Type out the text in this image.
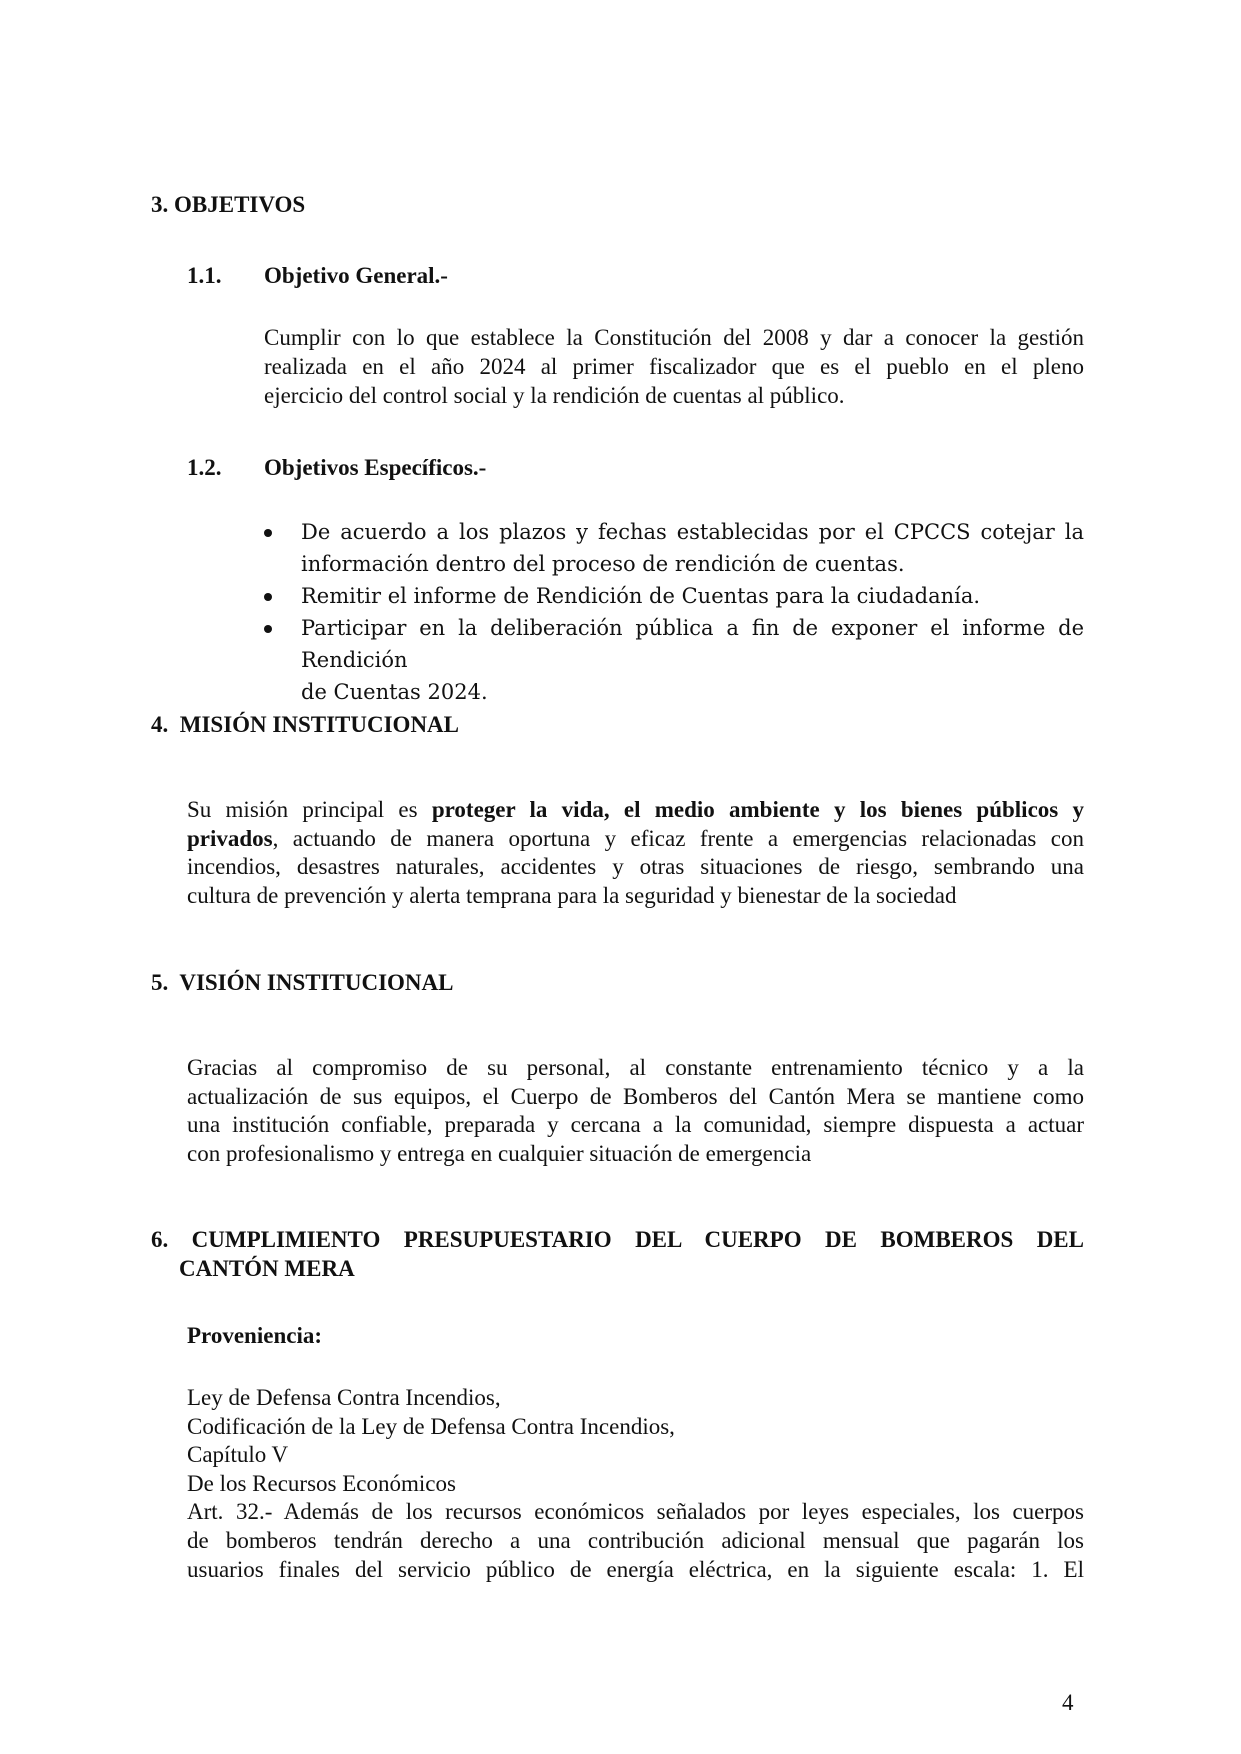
3. OBJETIVOS
1.1. Objetivo General.-
Cumplir con lo que establece la Constitución del 2008 y dar a conocer la gestión
realizada en el año 2024 al primer fiscalizador que es el pueblo en el pleno
ejercicio del control social y la rendición de cuentas al público.
1.2. Objetivos Específicos.-
De acuerdo a los plazos y fechas establecidas por el CPCCS cotejar la
información dentro del proceso de rendición de cuentas.
Remitir el informe de Rendición de Cuentas para la ciudadanía.
Participar en la deliberación pública a fin de exponer el informe de Rendición
de Cuentas 2024.
4.  MISIÓN INSTITUCIONAL
Su misión principal es proteger la vida, el medio ambiente y los bienes públicos y
privados, actuando de manera oportuna y eficaz frente a emergencias relacionadas con
incendios, desastres naturales, accidentes y otras situaciones de riesgo, sembrando una
cultura de prevención y alerta temprana para la seguridad y bienestar de la sociedad
5.  VISIÓN INSTITUCIONAL
Gracias al compromiso de su personal, al constante entrenamiento técnico y a la
actualización de sus equipos, el Cuerpo de Bomberos del Cantón Mera se mantiene como
una institución confiable, preparada y cercana a la comunidad, siempre dispuesta a actuar
con profesionalismo y entrega en cualquier situación de emergencia
6.  CUMPLIMIENTO  PRESUPUESTARIO  DEL  CUERPO  DE  BOMBEROS  DEL
CANTÓN MERA
Proveniencia:
Ley de Defensa Contra Incendios,
Codificación de la Ley de Defensa Contra Incendios,
Capítulo V
De los Recursos Económicos
Art. 32.- Además de los recursos económicos señalados por leyes especiales, los cuerpos
de bomberos tendrán derecho a una contribución adicional mensual que pagarán los
usuarios finales del servicio público de energía eléctrica, en la siguiente escala: 1. El
4
